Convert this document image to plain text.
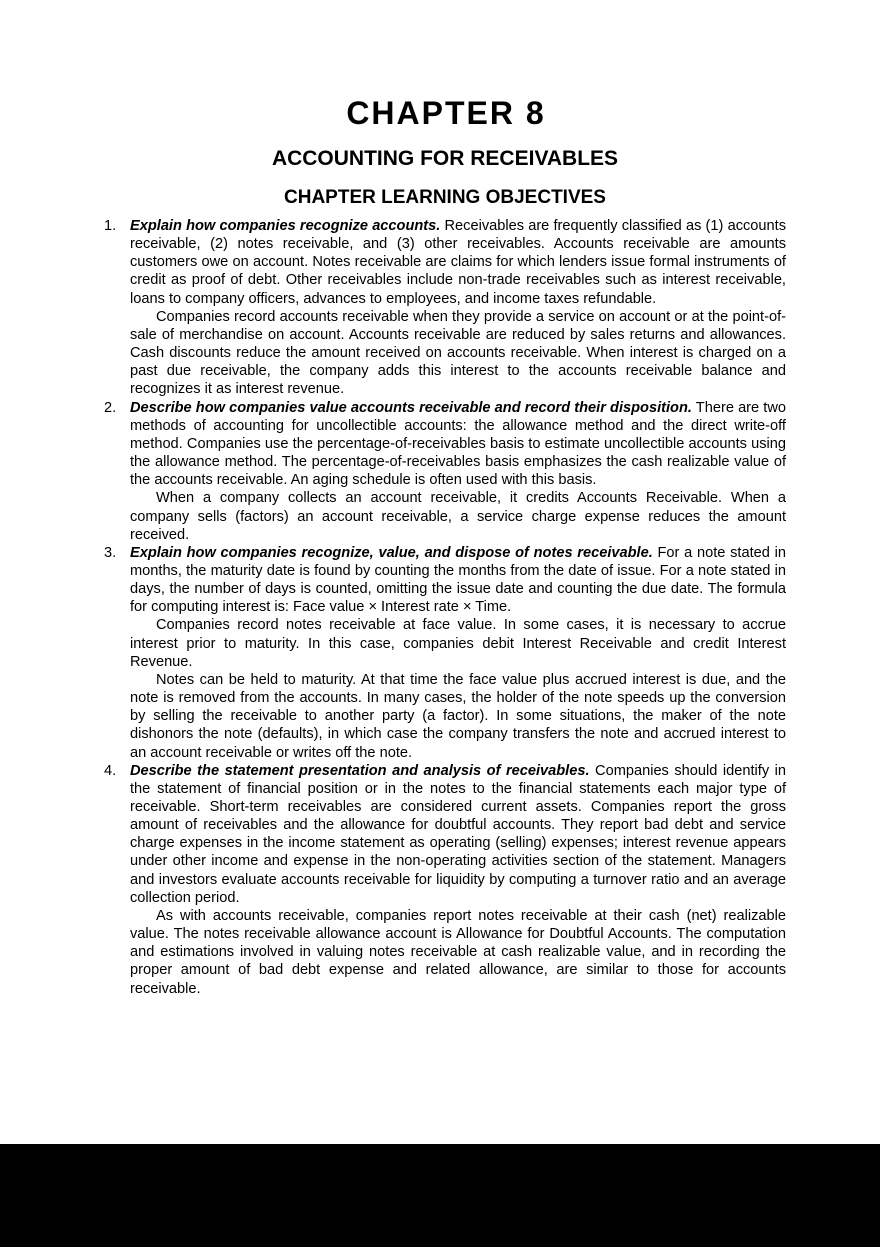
CHAPTER 8
ACCOUNTING FOR RECEIVABLES
CHAPTER LEARNING OBJECTIVES
1. Explain how companies recognize accounts. Receivables are frequently classified as (1) accounts receivable, (2) notes receivable, and (3) other receivables. Accounts receivable are amounts customers owe on account. Notes receivable are claims for which lenders issue formal instruments of credit as proof of debt. Other receivables include non-trade receivables such as interest receivable, loans to company officers, advances to employees, and income taxes refundable.

Companies record accounts receivable when they provide a service on account or at the point-of-sale of merchandise on account. Accounts receivable are reduced by sales returns and allowances. Cash discounts reduce the amount received on accounts receivable. When interest is charged on a past due receivable, the company adds this interest to the accounts receivable balance and recognizes it as interest revenue.

2. Describe how companies value accounts receivable and record their disposition. There are two methods of accounting for uncollectible accounts: the allowance method and the direct write-off method. Companies use the percentage-of-receivables basis to estimate uncollectible accounts using the allowance method. The percentage-of-receivables basis emphasizes the cash realizable value of the accounts receivable. An aging schedule is often used with this basis.

When a company collects an account receivable, it credits Accounts Receivable. When a company sells (factors) an account receivable, a service charge expense reduces the amount received.

3. Explain how companies recognize, value, and dispose of notes receivable. For a note stated in months, the maturity date is found by counting the months from the date of issue. For a note stated in days, the number of days is counted, omitting the issue date and counting the due date. The formula for computing interest is: Face value × Interest rate × Time.

Companies record notes receivable at face value. In some cases, it is necessary to accrue interest prior to maturity. In this case, companies debit Interest Receivable and credit Interest Revenue.

Notes can be held to maturity. At that time the face value plus accrued interest is due, and the note is removed from the accounts. In many cases, the holder of the note speeds up the conversion by selling the receivable to another party (a factor). In some situations, the maker of the note dishonors the note (defaults), in which case the company transfers the note and accrued interest to an account receivable or writes off the note.

4. Describe the statement presentation and analysis of receivables. Companies should identify in the statement of financial position or in the notes to the financial statements each major type of receivable. Short-term receivables are considered current assets. Companies report the gross amount of receivables and the allowance for doubtful accounts. They report bad debt and service charge expenses in the income statement as operating (selling) expenses; interest revenue appears under other income and expense in the non-operating activities section of the statement. Managers and investors evaluate accounts receivable for liquidity by computing a turnover ratio and an average collection period.

As with accounts receivable, companies report notes receivable at their cash (net) realizable value. The notes receivable allowance account is Allowance for Doubtful Accounts. The computation and estimations involved in valuing notes receivable at cash realizable value, and in recording the proper amount of bad debt expense and related allowance, are similar to those for accounts receivable.
